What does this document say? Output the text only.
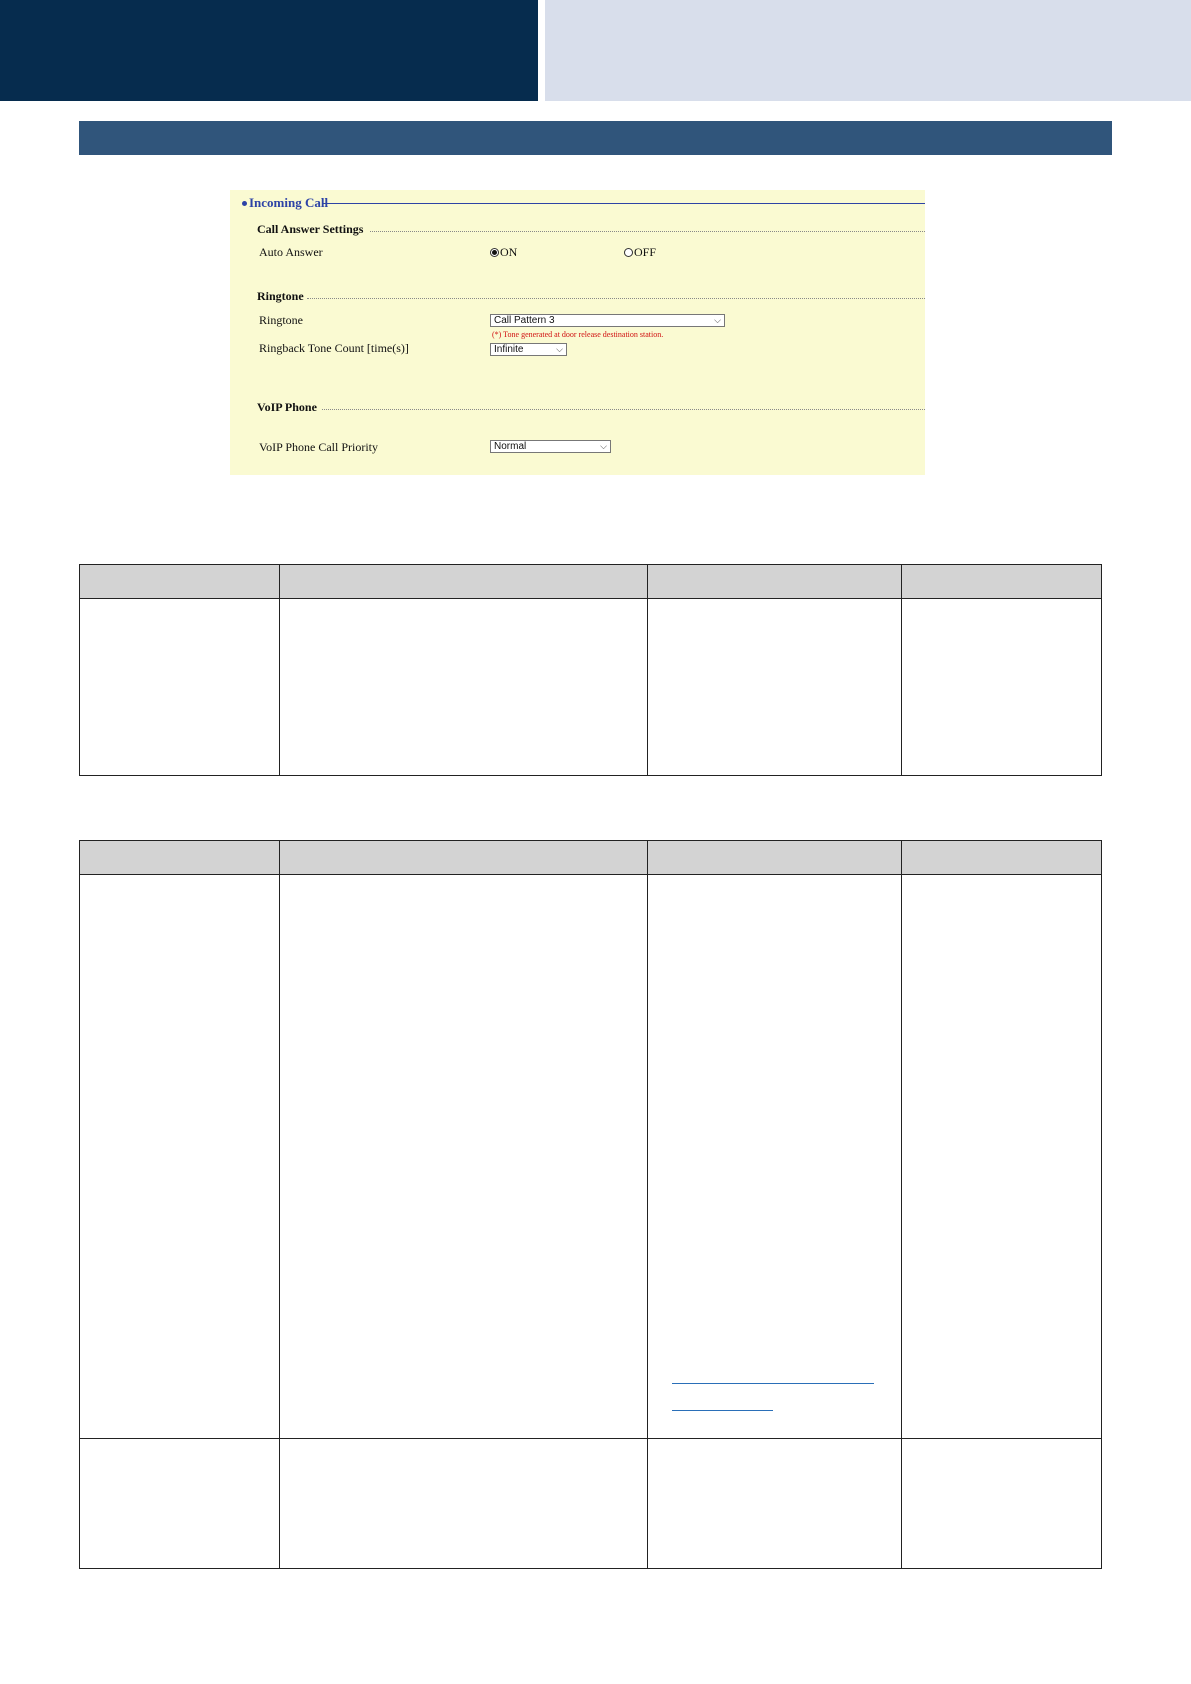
Incoming Call
Call Answer Settings
Auto Answer	ON	OFF
Ringtone
Ringtone	Call Pattern 3	⌵
(*) Tone generated at door release destination station.
Ringback Tone Count [time(s)]	Infinite	⌵
VoIP Phone
VoIP Phone Call Priority	Normal	⌵
